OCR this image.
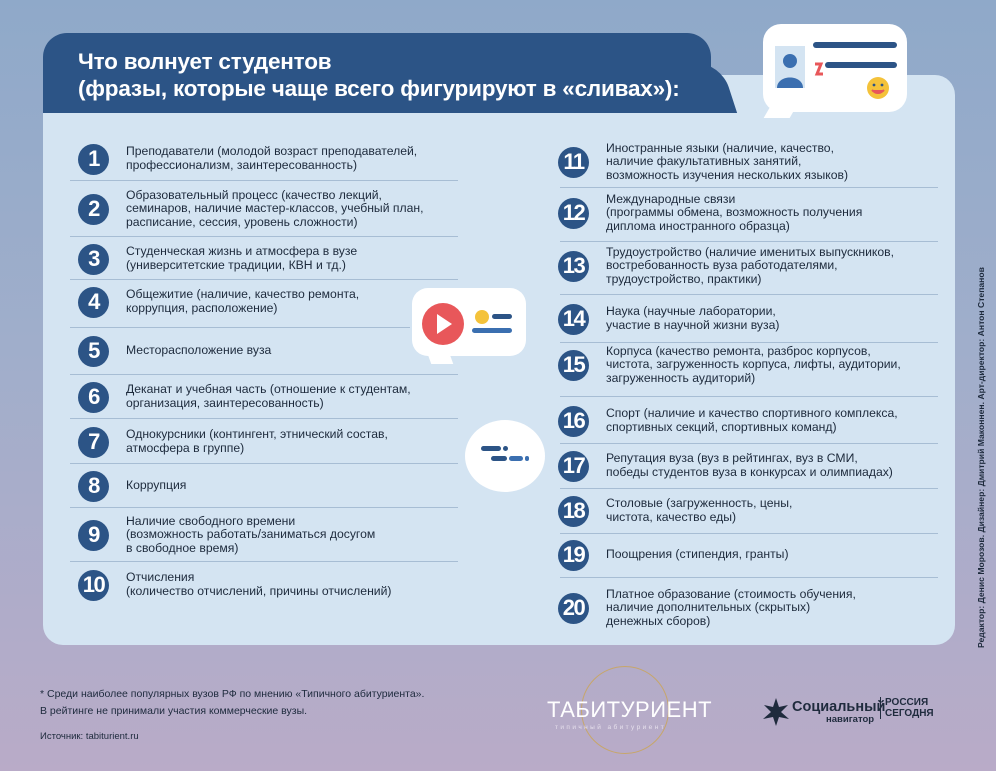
Что волнует студентов
(фразы, которые чаще всего фигурируют в «сливах»):
1	Преподаватели (молодой возраст преподавателей,
профессионализм, заинтересованность)
2
Образовательный процесс (качество лекций,
семинаров, наличие мастер-классов, учебный план,
расписание, сессия, уровень сложности)
3	Студенческая жизнь и атмосфера в вузе
(университетские традиции, КВН и тд.)
4	Общежитие (наличие, качество ремонта,
коррупция, расположение)
5	Месторасположение вуза
6	Деканат и учебная часть (отношение к студентам,
организация, заинтересованность)
7	Однокурсники (контингент, этнический состав,
атмосфера в группе)
8	Коррупция
9
Наличие свободного времени
(возможность работать/заниматься досугом
в свободное время)
10	Отчисления
(количество отчислений, причины отчислений)
11
Иностранные языки (наличие, качество,
наличие факультативных занятий,
возможность изучения нескольких языков)
12
Международные связи
(программы обмена, возможность получения
диплома иностранного образца)
13
Трудоустройство (наличие именитых выпускников,
востребованность вуза работодателями,
трудоустройство, практики)
14	Наука (научные лаборатории,
участие в научной жизни вуза)
15
Корпуса (качество ремонта, разброс корпусов,
чистота, загруженность корпуса, лифты, аудитории,
загруженность аудиторий)
16	Спорт (наличие и качество спортивного комплекса,
спортивных секций, спортивных команд)
17	Репутация вуза (вуз в рейтингах, вуз в СМИ,
победы студентов вуза в конкурсах и олимпиадах)
18	Столовые (загруженность, цены,
чистота, качество еды)
19	Поощрения (стипендия, гранты)
20
Платное образование (стоимость обучения,
наличие дополнительных (скрытых)
денежных сборов)	Редактор: Денис Морозов. Дизайнер: Дмитрий Маконнен. Арт-директор: Антон Степанов
* Среди наиболее популярных вузов РФ по мнению «Типичного абитуриента».
В рейтинге не принимали участия коммерческие вузы.
Источник: tabiturient.ru
ТАБИТУРИЕНТ
типичный абитуриент
Социальный
навигатор
РОССИЯ
СЕГОДНЯ
